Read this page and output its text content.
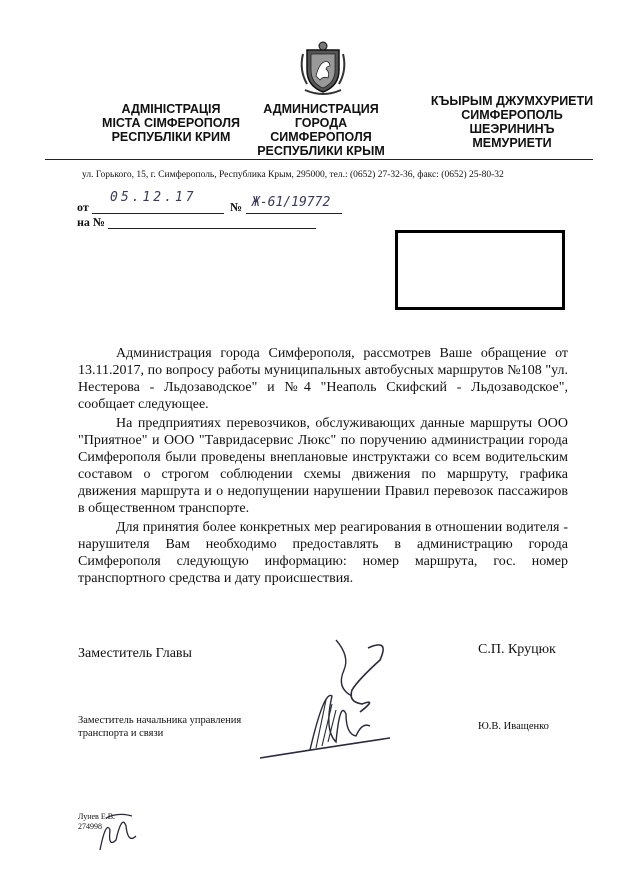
АДМІНІСТРАЦІЯ
МІСТА СІМФЕРОПОЛЯ
РЕСПУБЛІКИ КРИМ
АДМИНИСТРАЦИЯ
ГОРОДА СИМФЕРОПОЛЯ
РЕСПУБЛИКИ КРЫМ
КЪЫРЫМ ДЖУМХУРИЕТИ
СИМФЕРОПОЛЬ
ШЕЭРИНИНЪ
МЕМУРИЕТИ
ул. Горького, 15, г. Симферополь, Республика Крым, 295000, тел.: (0652) 27-32-36, факс: (0652) 25-80-32
от
05.12.17
№ Ж-61/19772
на №

Администрация города Симферополя, рассмотрев Ваше обращение от 13.11.2017, по вопросу работы муниципальных автобусных маршрутов №108 "ул. Нестерова - Льдозаводское" и №4 "Неаполь Скифский - Льдозаводское", сообщает следующее.

На предприятиях перевозчиков, обслуживающих данные маршруты ООО "Приятное" и ООО "Тавридасервис Люкс" по поручению администрации города Симферополя были проведены внеплановые инструктажи со всем водительским составом о строгом соблюдении схемы движения по маршруту, графика движения маршрута и о недопущении нарушении Правил перевозок пассажиров в общественном транспорте.

Для принятия более конкретных мер реагирования в отношении водителя - нарушителя Вам необходимо предоставлять в администрацию города Симферополя следующую информацию: номер маршрута, гос. номер транспортного средства и дату происшествия.

Заместитель Главы	С.П. Круцюк
Заместитель начальника управления
транспорта и связи
Ю.В. Иващенко
Лунев Е.В.
274998
